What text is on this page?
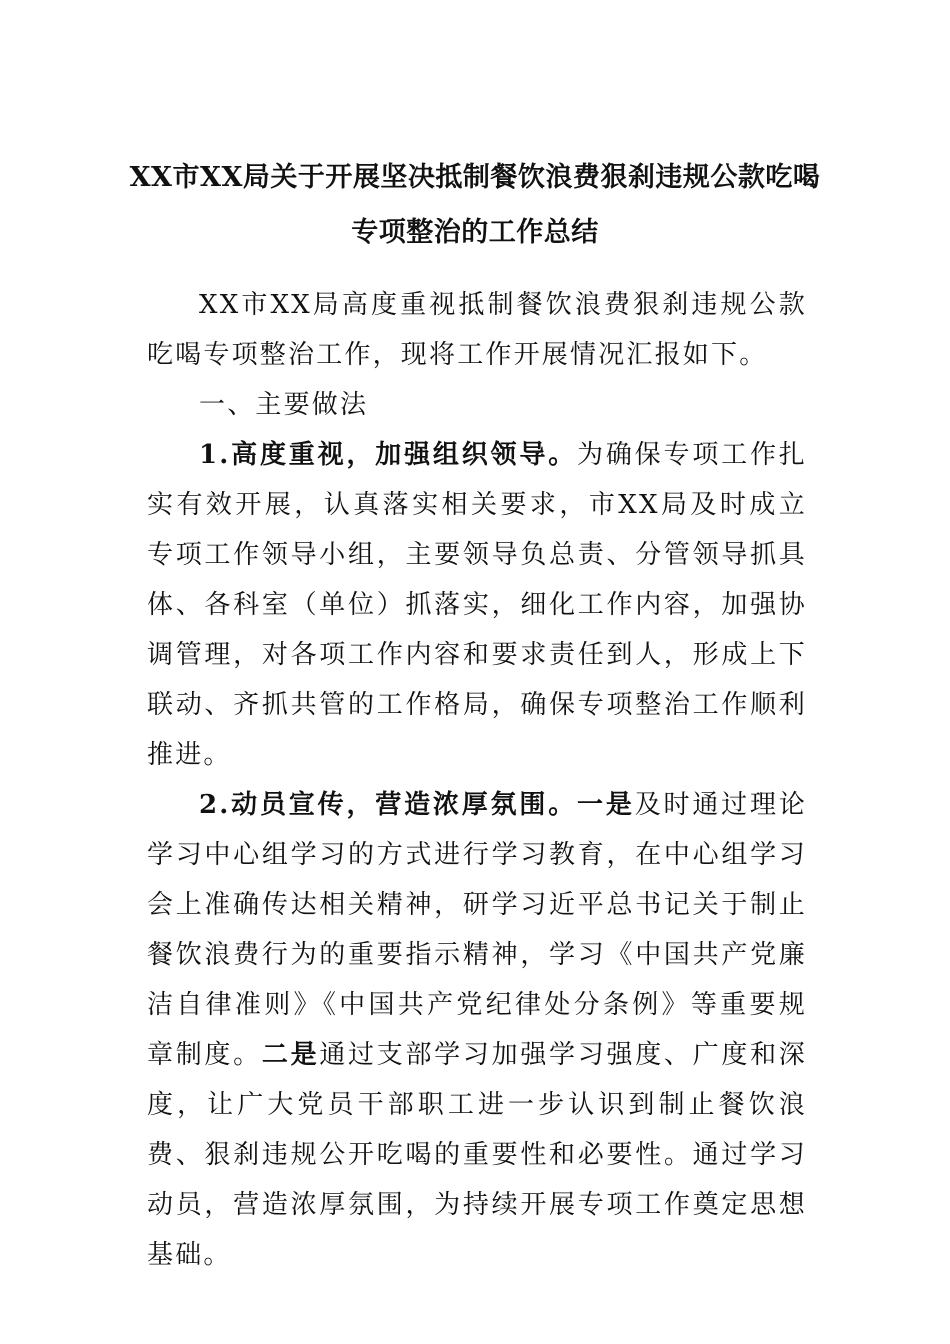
XX市XX局关于开展坚决抵制餐饮浪费狠刹违规公款吃喝专项整治的工作总结

XX市XX局高度重视抵制餐饮浪费狠刹违规公款吃喝专项整治工作，现将工作开展情况汇报如下。

一、主要做法

1.高度重视，加强组织领导。为确保专项工作扎实有效开展，认真落实相关要求，市XX局及时成立专项工作领导小组，主要领导负总责、分管领导抓具体、各科室（单位）抓落实，细化工作内容，加强协调管理，对各项工作内容和要求责任到人，形成上下联动、齐抓共管的工作格局，确保专项整治工作顺利推进。

2.动员宣传，营造浓厚氛围。一是及时通过理论学习中心组学习的方式进行学习教育，在中心组学习会上准确传达相关精神，研学习近平总书记关于制止餐饮浪费行为的重要指示精神，学习《中国共产党廉洁自律准则》《中国共产党纪律处分条例》等重要规章制度。二是通过支部学习加强学习强度、广度和深度，让广大党员干部职工进一步认识到制止餐饮浪费、狠刹违规公开吃喝的重要性和必要性。通过学习动员，营造浓厚氛围，为持续开展专项工作奠定思想基础。
